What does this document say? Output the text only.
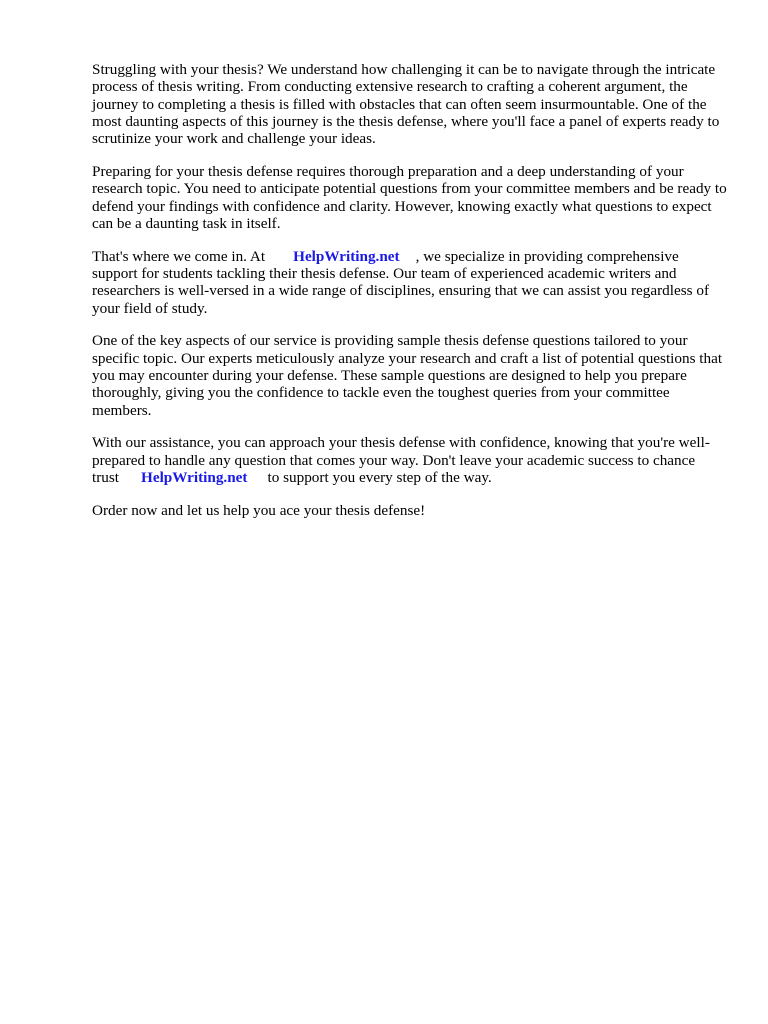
Struggling with your thesis? We understand how challenging it can be to navigate through the intricate process of thesis writing. From conducting extensive research to crafting a coherent argument, the journey to completing a thesis is filled with obstacles that can often seem insurmountable. One of the most daunting aspects of this journey is the thesis defense, where you'll face a panel of experts ready to scrutinize your work and challenge your ideas.

Preparing for your thesis defense requires thorough preparation and a deep understanding of your research topic. You need to anticipate potential questions from your committee members and be ready to defend your findings with confidence and clarity. However, knowing exactly what questions to expect can be a daunting task in itself.

That's where we come in. At HelpWriting.net , we specialize in providing comprehensive support for students tackling their thesis defense. Our team of experienced academic writers and researchers is well-versed in a wide range of disciplines, ensuring that we can assist you regardless of your field of study.

One of the key aspects of our service is providing sample thesis defense questions tailored to your specific topic. Our experts meticulously analyze your research and craft a list of potential questions that you may encounter during your defense. These sample questions are designed to help you prepare thoroughly, giving you the confidence to tackle even the toughest queries from your committee members.

With our assistance, you can approach your thesis defense with confidence, knowing that you're well-prepared to handle any question that comes your way. Don't leave your academic success to chance trust HelpWriting.net to support you every step of the way.

Order now and let us help you ace your thesis defense!
